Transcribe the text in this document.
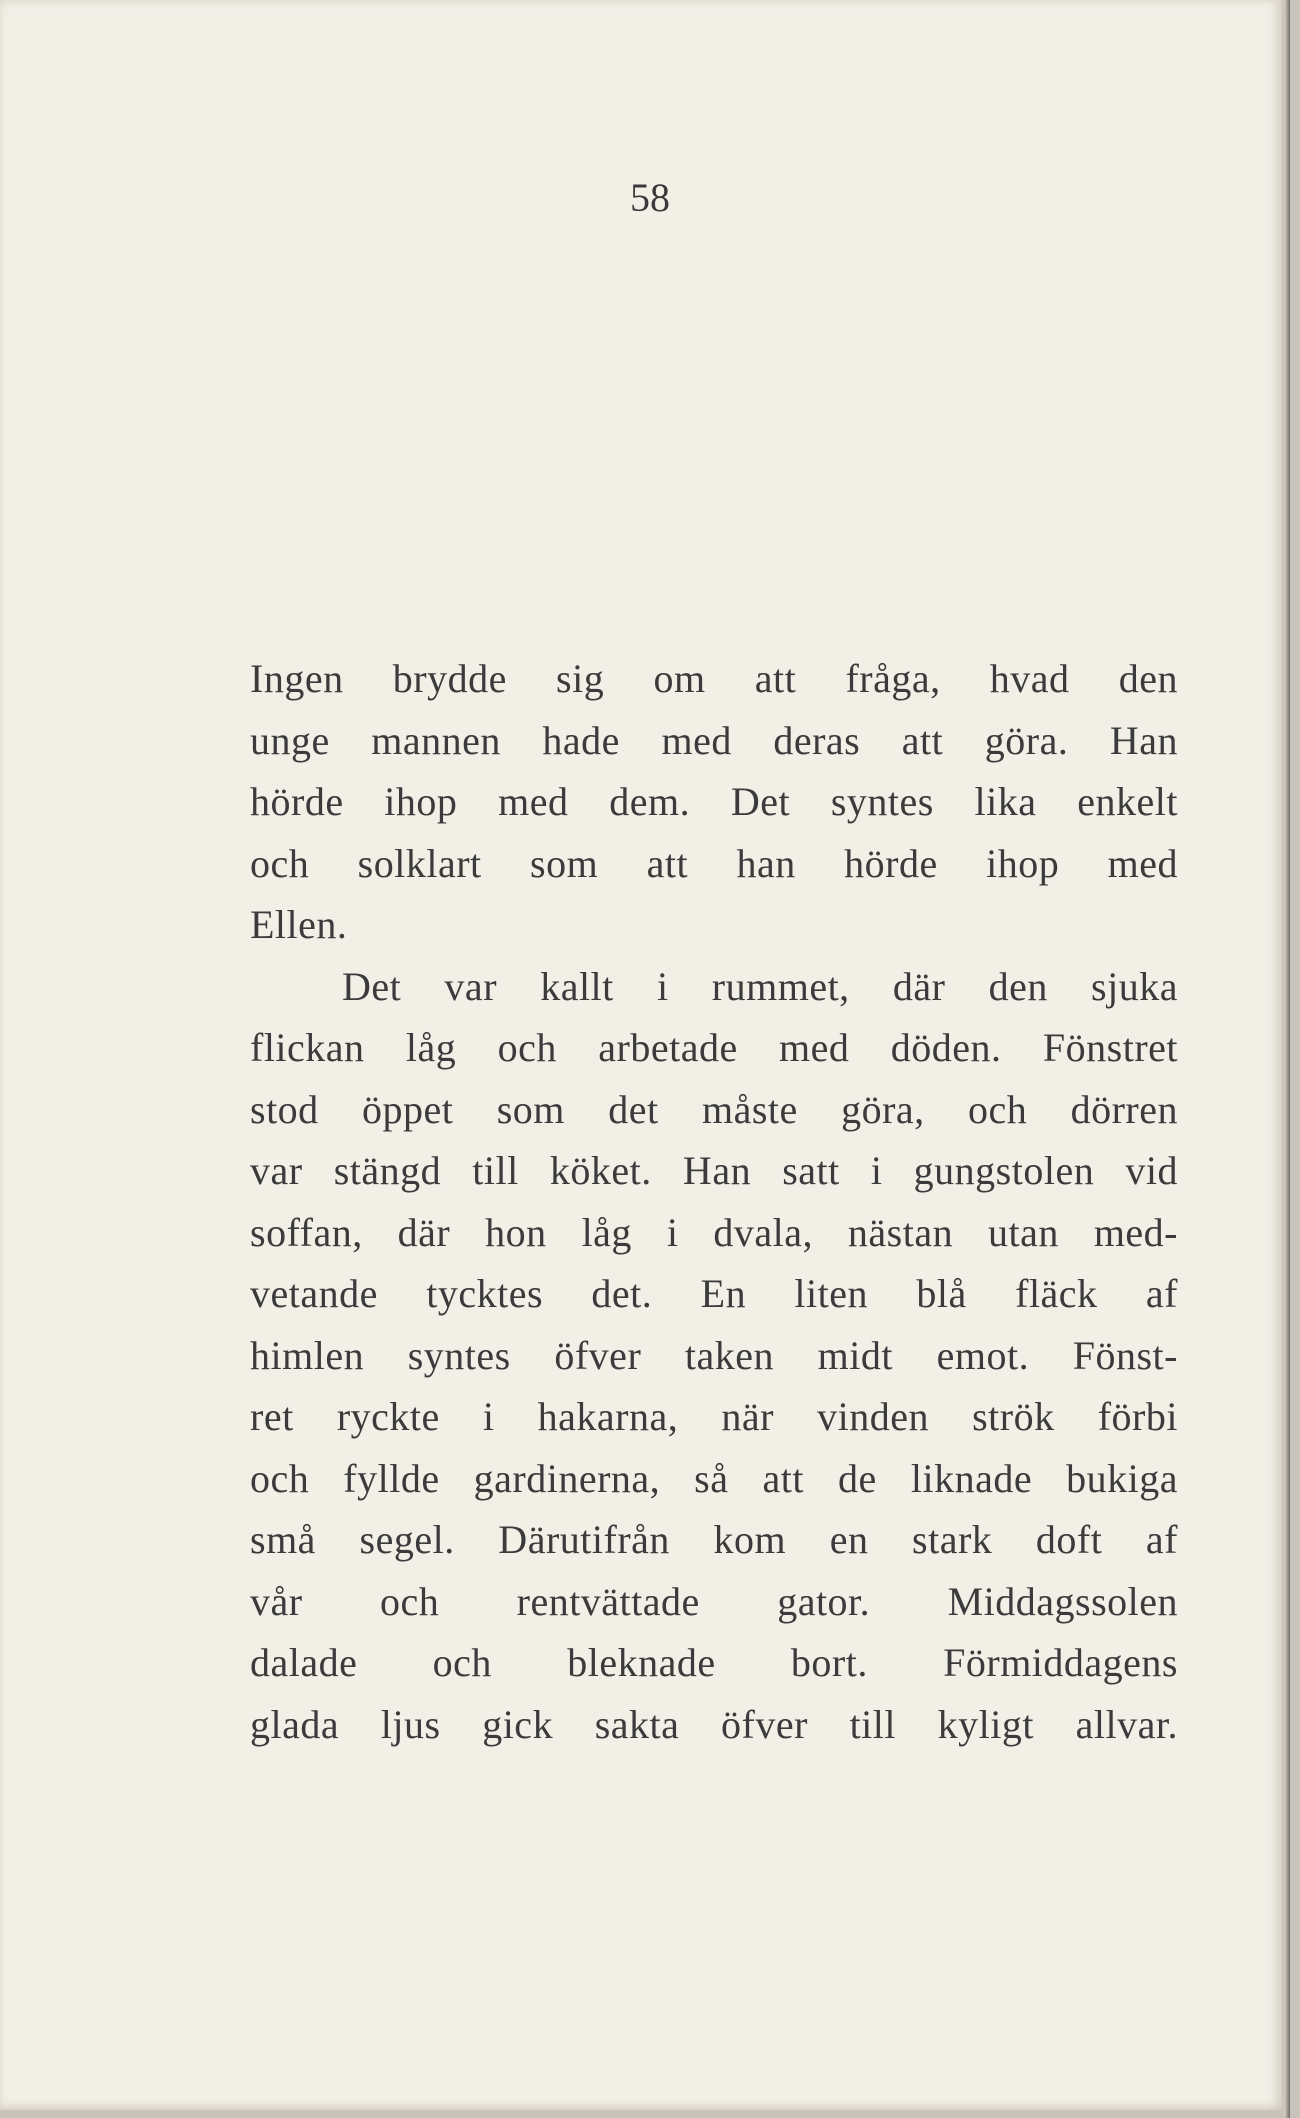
58

Ingen brydde sig om att fråga, hvad den
unge mannen hade med deras att göra. Han
hörde ihop med dem. Det syntes lika enkelt
och solklart som att han hörde ihop med
Ellen.

Det var kallt i rummet, där den sjuka
flickan låg och arbetade med döden. Fönstret
stod öppet som det måste göra, och dörren
var stängd till köket. Han satt i gungstolen vid
soffan, där hon låg i dvala, nästan utan med-
vetande tycktes det. En liten blå fläck af
himlen syntes öfver taken midt emot. Fönst-
ret ryckte i hakarna, när vinden strök förbi
och fyllde gardinerna, så att de liknade bukiga
små segel. Därutifrån kom en stark doft af
vår och rentvättade gator. Middagssolen
dalade och bleknade bort. Förmiddagens
glada ljus gick sakta öfver till kyligt allvar.
